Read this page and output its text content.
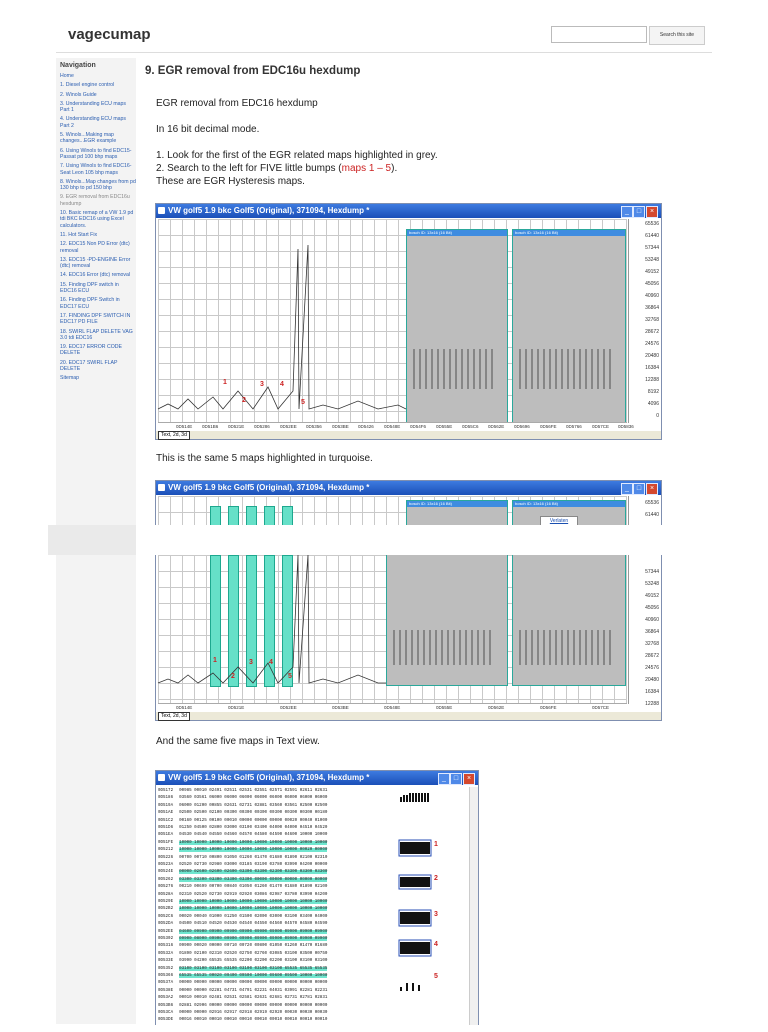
vagecumap	Search this site
Navigation
Home
1. Diesel engine control
2. Winols Guide
3. Understanding ECU maps Part 1
4. Understanding ECU maps Part 2
5. Winols...Making map changes...EGR example
6. Using Winols to find EDC15-Passat pd 100 bhp maps
7. Using Winols to find EDC16-Seat Leon 105 bhp maps
8. Winols...Map changes from pd 130 bhp to pd 150 bhp
9. EGR removal from EDC16u hexdump
10. Basic remap of a VW 1.9 pd tdi BKC EDC16 using Excel calculators.
11. Hot Start Fix
12. EDC15 Non PD Error (dtc) removal
13. EDC15 -PD-ENGINE Error (dtc) removal
14. EDC16 Error (dtc) removal
15. Finding DPF switch in EDC16 ECU
16. Finding DPF Switch in EDC17 ECU
17. FINDING DPF SWITCH IN EDC17 PD FILE
18. SWIRL FLAP DELETE VAG 3.0 tdi EDC16
19. EDC17 ERROR CODE DELETE
20. EDC17 SWIRL FLAP DELETE
Sitemap
9. EGR removal from EDC16u hexdump
EGR removal from EDC16 hexdump
In 16 bit decimal mode.
1. Look for the first of the EGR related maps highlighted in grey.
2. Search to the left for FIVE little bumps (maps 1 – 5).
These are EGR Hysteresis maps.
This is the same 5 maps highlighted in turquoise.
And the same five maps in Text view.
VW golf5 1.9 bkc Golf5 (Original), 371094, Hexdump *	_	□	×
bosch ID: 13x16 (16 Bit)	bosch ID: 13x16 (16 Bit)
1
2
3 4
5
65536
61440
57344
53248
49152
45056
40960
36864
32768
28672
24576
20480
16384
12288
8192
4096
0
0D514E 0D51B6 0D521E 0D5286 0D52EE 0D5356 0D53BE 0D5426 0D548E 0D54F6 0D555E 0D55C6 0D562E 0D5696 0D56FE 0D5766 0D57CE 0D5836
Text, 2d, 3d
VW golf5 1.9 bkc Golf5 (Original), 371094, Hexdump *	_	□	×
bosch ID: 13x16 (16 Bit)	bosch ID: 13x16 (16 Bit)
Verlaten
65536
61440
1
2
3 4
5
57344
53248
49152
45056
40960
36864
32768
28672
24576
20480
16384
12288
0D514E	0D521E	0D52EE	0D53BE	0D548E	0D555E	0D562E	0D56FE	0D57CE
Text, 2d, 3d
VW golf5 1.9 bkc Golf5 (Original), 371094, Hexdump *	_	□	×
0D5172 00985 00010 02491 02511 02531 02551 02571 02591 02611 02631
0D5186 03560 03561 06000 06000 06000 06000 06000 06000 06000 06000
0D519A 06000 01200 00855 02631 02731 02881 03560 03561 02500 02500
0D51AE 02500 02500 02100 00300 00300 00300 00300 00300 00300 00180
0D51C2 00160 00125 00100 00010 00000 00000 00000 00020 00040 01000
0D51D6 01250 04500 02800 03000 03100 03400 04000 04000 04510 04520
0D51EA 04530 04540 04550 04560 04570 04580 04590 04600 10000 10000
0D51FE 10000 10000 10000 10000 10000 10000 10000 10000 10000 10000
0D5212 10000 10000 10000 10000 10000 10000 10000 10000 00020 00000
0D5226 00700 00710 00800 01050 01260 01470 01680 01890 02100 02310
0D523A 02520 02730 02980 03000 03185 03190 03780 03990 04200 00000
0D524E 00000 02600 02600 02600 03300 03300 02300 03300 03300 03300
0D5262 03300 03300 03300 03300 03300 00000 00000 00000 00000 00000
0D5276 00210 00699 00700 00840 01050 01260 01470 01680 01890 02100
0D528A 02310 02520 02730 02919 02920 03086 02987 03780 03990 04200
0D529E 10000 10000 10000 10000 10000 10000 10000 10000 10000 10000
0D52B2 10000 10000 10000 10000 10000 10000 10000 10000 10000 10000
0D52C6 00020 00040 01000 01250 01500 02000 03000 03100 03400 04000
0D52DA 04500 04510 04520 04530 04540 04550 04560 04570 04580 04590
0D52EE 04600 09900 09900 09900 09900 09900 09900 09900 09900 09900
0D5302 09900 08000 09900 09900 09900 09900 09900 09900 09900 09900
0D5316 09900 00020 00000 00710 00720 00800 01050 01260 01470 01680
0D532A 01890 02100 02310 02520 02750 02760 03085 03100 03500 00750
0D533E 03990 04200 65535 65535 02200 02200 02200 03100 03100 03100
0D5352 03100 03100 03100 03100 03100 03100 03100 65535 65535 65535
0D5366 65535 65535 00020 09400 09500 10000 09600 09500 10000 10000
0D537A 00000 00000 00000 00000 00000 00000 00000 00000 00000 00000
0D538E 00000 00000 02281 04731 04791 02231 04031 03991 02281 02231
0D53A2 00010 00010 02481 02531 02581 02631 02681 02731 02781 02831
0D53B6 02881 02906 00000 00000 00000 00000 00000 00000 00000 00000
0D53CA 00000 00000 02916 02917 02918 02919 02920 00030 00030 00030
0D53DE 00016 00010 00010 00010 00010 00010 00010 00010 00010 00010
1
2
3
4
5
